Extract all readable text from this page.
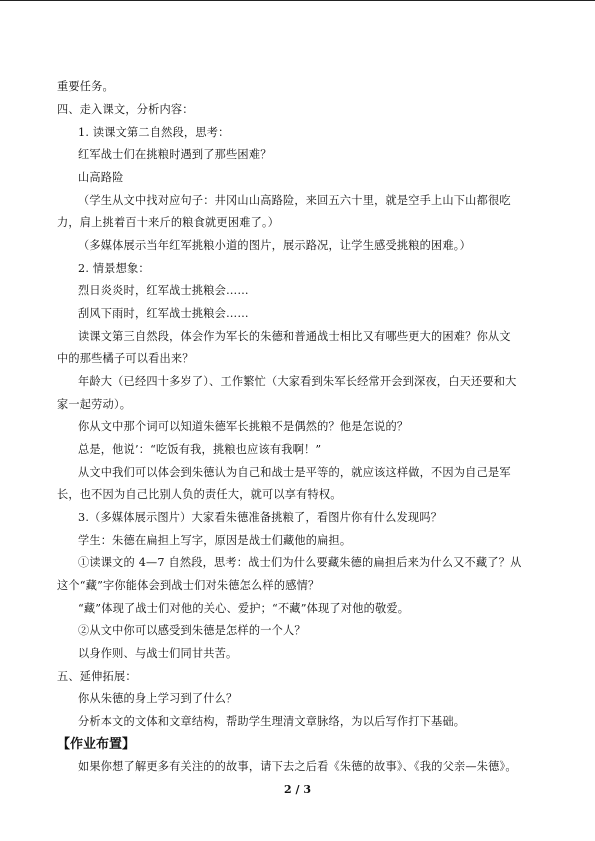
重要任务。
四、走入课文，分析内容：
1. 读课文第二自然段，思考：
红军战士们在挑粮时遇到了那些困难？
山高路险
（学生从文中找对应句子：井冈山山高路险，来回五六十里，就是空手上山下山都很吃
力，肩上挑着百十来斤的粮食就更困难了。）
（多媒体展示当年红军挑粮小道的图片，展示路况，让学生感受挑粮的困难。）
2. 情景想象：
烈日炎炎时，红军战士挑粮会……
刮风下雨时，红军战士挑粮会……
读课文第三自然段，体会作为军长的朱德和普通战士相比又有哪些更大的困难？你从文
中的那些橘子可以看出来？
年龄大（已经四十多岁了）、工作繁忙（大家看到朱军长经常开会到深夜，白天还要和大
家一起劳动）。
你从文中那个词可以知道朱德军长挑粮不是偶然的？他是怎说的？
总是，他说’：“吃饭有我，挑粮也应该有我啊！”
从文中我们可以体会到朱德认为自己和战士是平等的，就应该这样做，不因为自己是军
长，也不因为自己比别人负的责任大，就可以享有特权。
3.（多媒体展示图片）大家看朱德准备挑粮了，看图片你有什么发现吗？
学生：朱德在扁担上写字，原因是战士们藏他的扁担。
①读课文的 4—7 自然段，思考：战士们为什么要藏朱德的扁担后来为什么又不藏了？从
这个“藏”字你能体会到战士们对朱德怎么样的感情？
“藏”体现了战士们对他的关心、爱护；“不藏”体现了对他的敬爱。
②从文中你可以感受到朱德是怎样的一个人？
以身作则、与战士们同甘共苦。
五、延伸拓展：
你从朱德的身上学习到了什么？
分析本文的文体和文章结构，帮助学生理清文章脉络，为以后写作打下基础。
【作业布置】
如果你想了解更多有关注的的故事，请下去之后看《朱德的故事》、《我的父亲—朱德》。
2 / 3
